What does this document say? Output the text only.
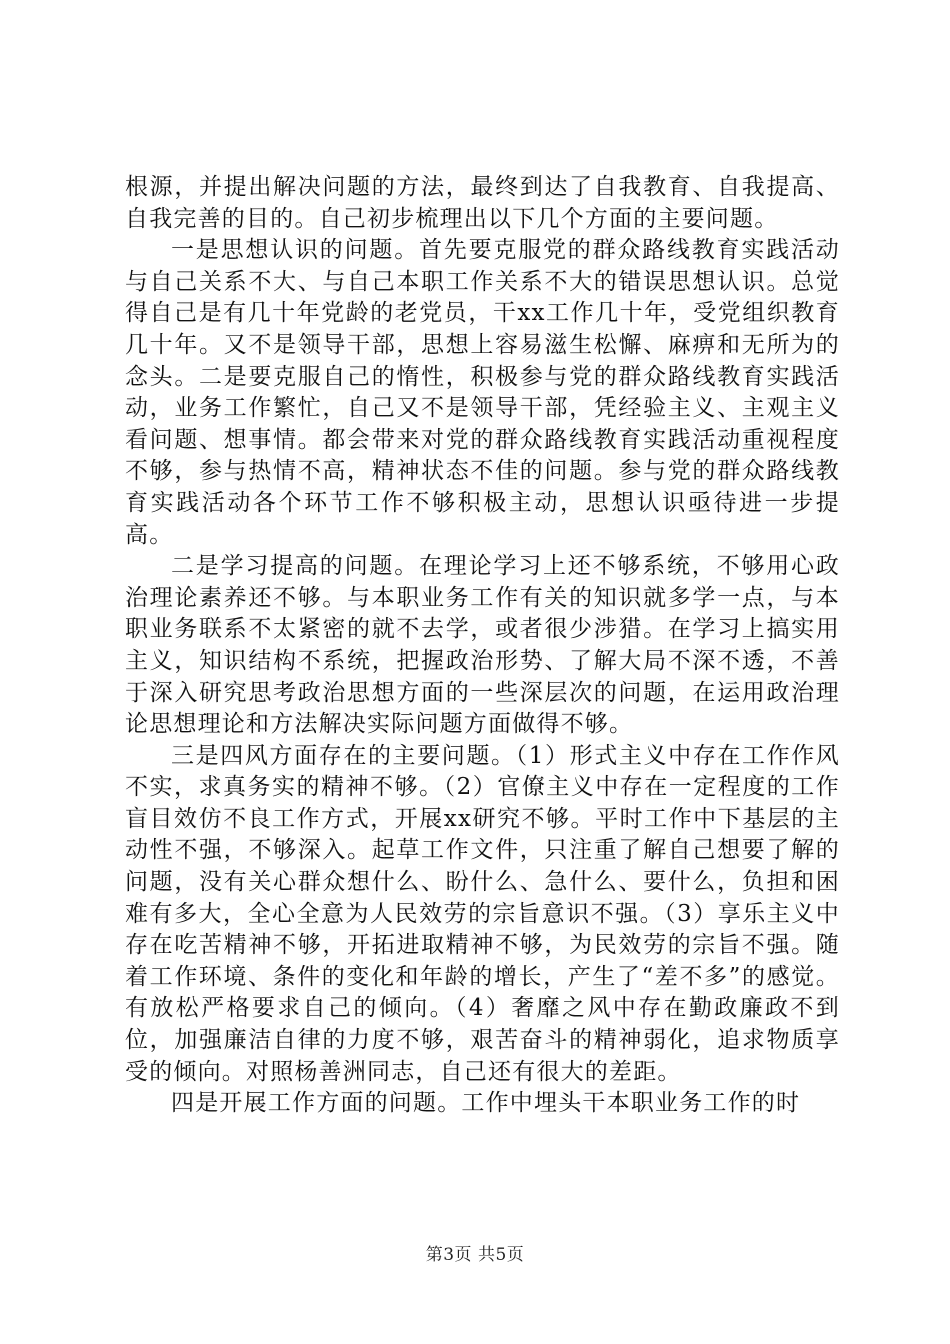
根源，并提出解决问题的方法，最终到达了自我教育、自我提高、自我完善的目的。自己初步梳理出以下几个方面的主要问题。

一是思想认识的问题。首先要克服党的群众路线教育实践活动与自己关系不大、与自己本职工作关系不大的错误思想认识。总觉得自己是有几十年党龄的老党员，干xx工作几十年，受党组织教育几十年。又不是领导干部，思想上容易滋生松懈、麻痹和无所为的念头。二是要克服自己的惰性，积极参与党的群众路线教育实践活动，业务工作繁忙，自己又不是领导干部，凭经验主义、主观主义看问题、想事情。都会带来对党的群众路线教育实践活动重视程度不够，参与热情不高，精神状态不佳的问题。参与党的群众路线教育实践活动各个环节工作不够积极主动，思想认识亟待进一步提高。

二是学习提高的问题。在理论学习上还不够系统，不够用心政治理论素养还不够。与本职业务工作有关的知识就多学一点，与本职业务联系不太紧密的就不去学，或者很少涉猎。在学习上搞实用主义，知识结构不系统，把握政治形势、了解大局不深不透，不善于深入研究思考政治思想方面的一些深层次的问题，在运用政治理论思想理论和方法解决实际问题方面做得不够。

三是四风方面存在的主要问题。（1）形式主义中存在工作作风不实，求真务实的精神不够。（2）官僚主义中存在一定程度的工作盲目效仿不良工作方式，开展xx研究不够。平时工作中下基层的主动性不强，不够深入。起草工作文件，只注重了解自己想要了解的问题，没有关心群众想什么、盼什么、急什么、要什么，负担和困难有多大，全心全意为人民效劳的宗旨意识不强。（3）享乐主义中存在吃苦精神不够，开拓进取精神不够，为民效劳的宗旨不强。随着工作环境、条件的变化和年龄的增长，产生了“差不多”的感觉。有放松严格要求自己的倾向。（4）奢靡之风中存在勤政廉政不到位，加强廉洁自律的力度不够，艰苦奋斗的精神弱化，追求物质享受的倾向。对照杨善洲同志，自己还有很大的差距。

四是开展工作方面的问题。工作中埋头干本职业务工作的时

第3页 共5页
